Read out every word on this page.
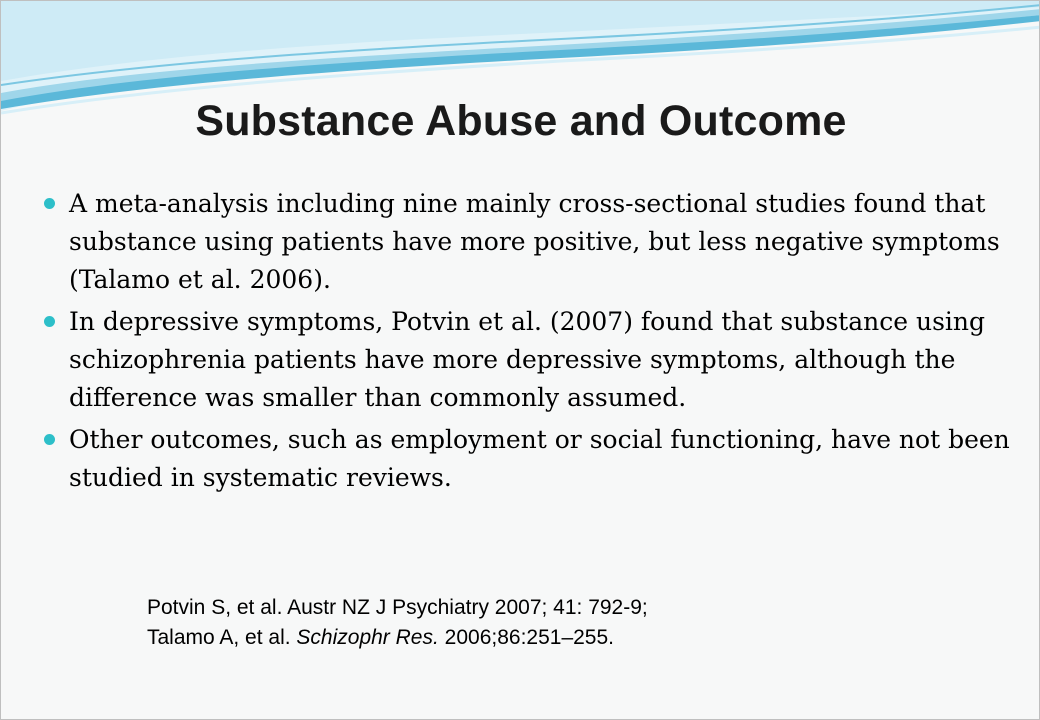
Substance Abuse and Outcome
A meta-analysis including nine mainly cross-sectional studies found that substance using patients have more positive, but less negative symptoms (Talamo et al. 2006).
In depressive symptoms, Potvin et al. (2007) found that substance using schizophrenia patients have more depressive symptoms, although the difference was smaller than commonly assumed.
Other outcomes, such as employment or social functioning, have not been studied in systematic reviews.
Potvin S, et al. Austr NZ J Psychiatry 2007; 41: 792-9;
Talamo A, et al. Schizophr Res. 2006;86:251–255.
